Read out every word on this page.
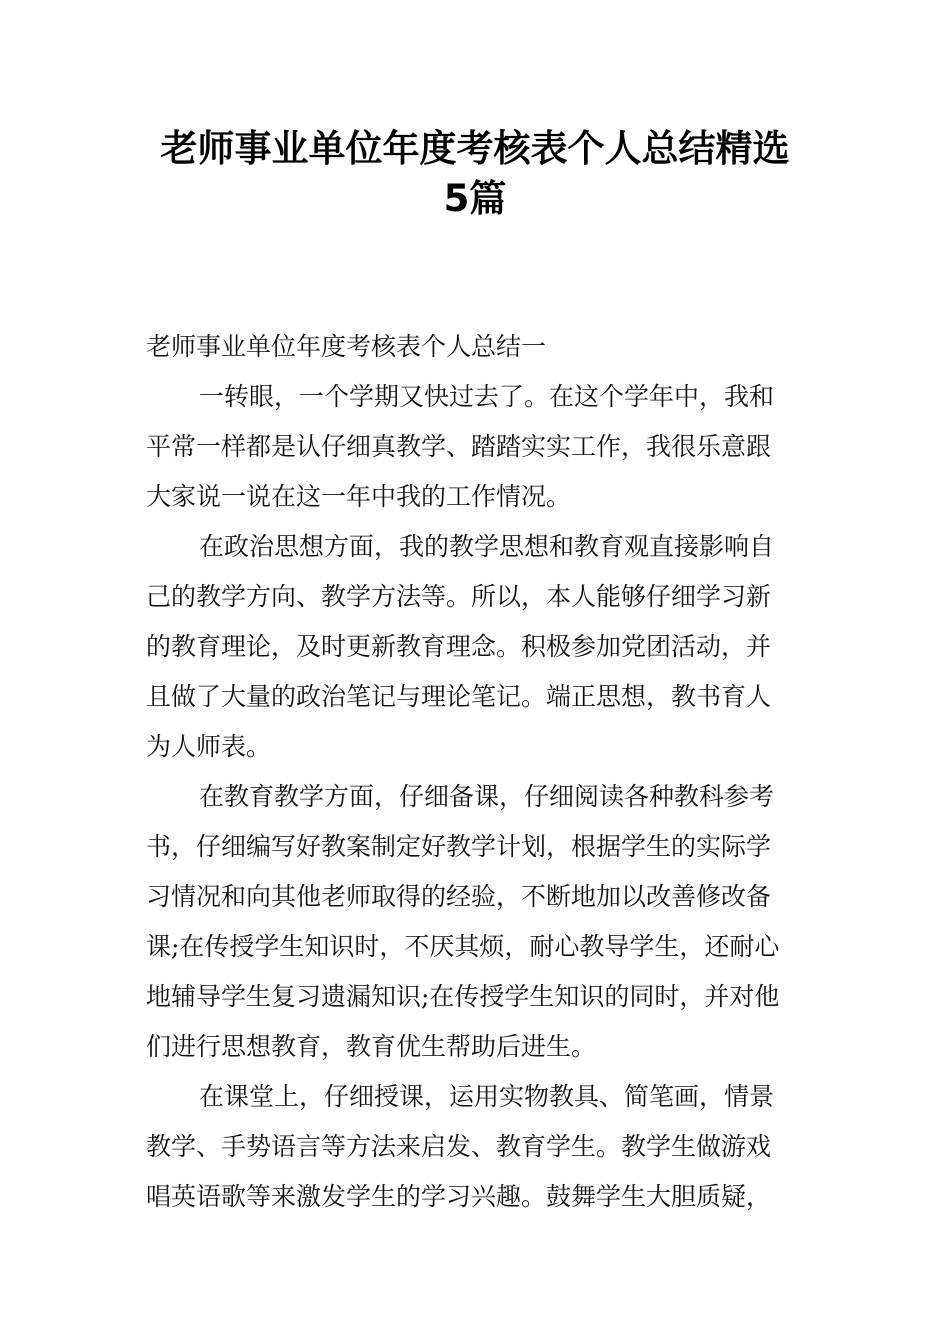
老师事业单位年度考核表个人总结精选
5篇
老师事业单位年度考核表个人总结一

一转眼，一个学期又快过去了。在这个学年中，我和
平常一样都是认仔细真教学、踏踏实实工作，我很乐意跟
大家说一说在这一年中我的工作情况。

在政治思想方面，我的教学思想和教育观直接影响自
己的教学方向、教学方法等。所以，本人能够仔细学习新
的教育理论，及时更新教育理念。积极参加党团活动，并
且做了大量的政治笔记与理论笔记。端正思想，教书育人
为人师表。

在教育教学方面，仔细备课，仔细阅读各种教科参考
书，仔细编写好教案制定好教学计划，根据学生的实际学
习情况和向其他老师取得的经验，不断地加以改善修改备
课;在传授学生知识时，不厌其烦，耐心教导学生，还耐心
地辅导学生复习遗漏知识;在传授学生知识的同时，并对他
们进行思想教育，教育优生帮助后进生。

在课堂上，仔细授课，运用实物教具、简笔画，情景
教学、手势语言等方法来启发、教育学生。教学生做游戏
唱英语歌等来激发学生的学习兴趣。鼓舞学生大胆质疑，
